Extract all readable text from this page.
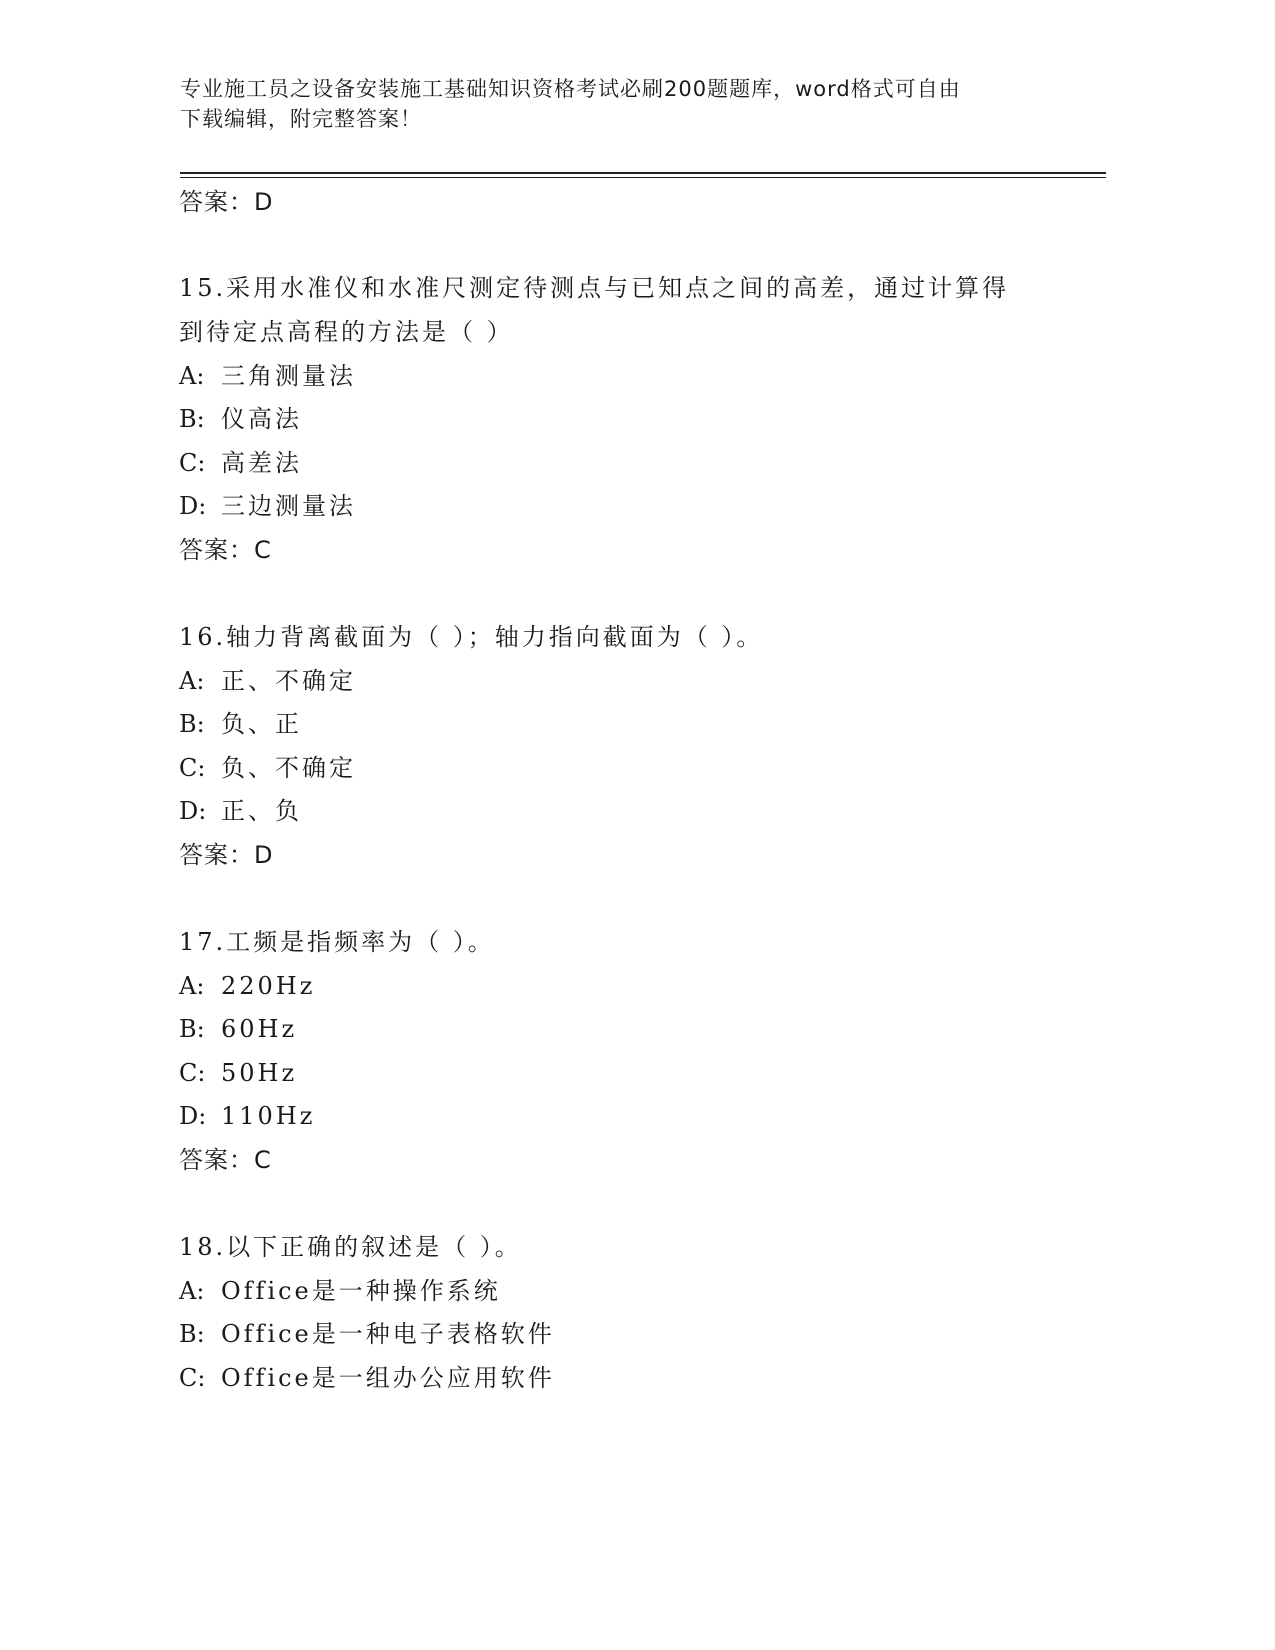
专业施工员之设备安装施工基础知识资格考试必刷200题题库，word格式可自由
下载编辑，附完整答案！
答案：D
15.采用水准仪和水准尺测定待测点与已知点之间的高差，通过计算得
到待定点高程的方法是（ ）
A: 三角测量法
B: 仪高法
C: 高差法
D: 三边测量法
答案：C
16.轴力背离截面为（ ）；轴力指向截面为（ ）。
A: 正、不确定
B: 负、正
C: 负、不确定
D: 正、负
答案：D
17.工频是指频率为（ ）。
A: 220Hz
B: 60Hz
C: 50Hz
D: 110Hz
答案：C
18.以下正确的叙述是（ ）。
A: Office是一种操作系统
B: Office是一种电子表格软件
C: Office是一组办公应用软件
